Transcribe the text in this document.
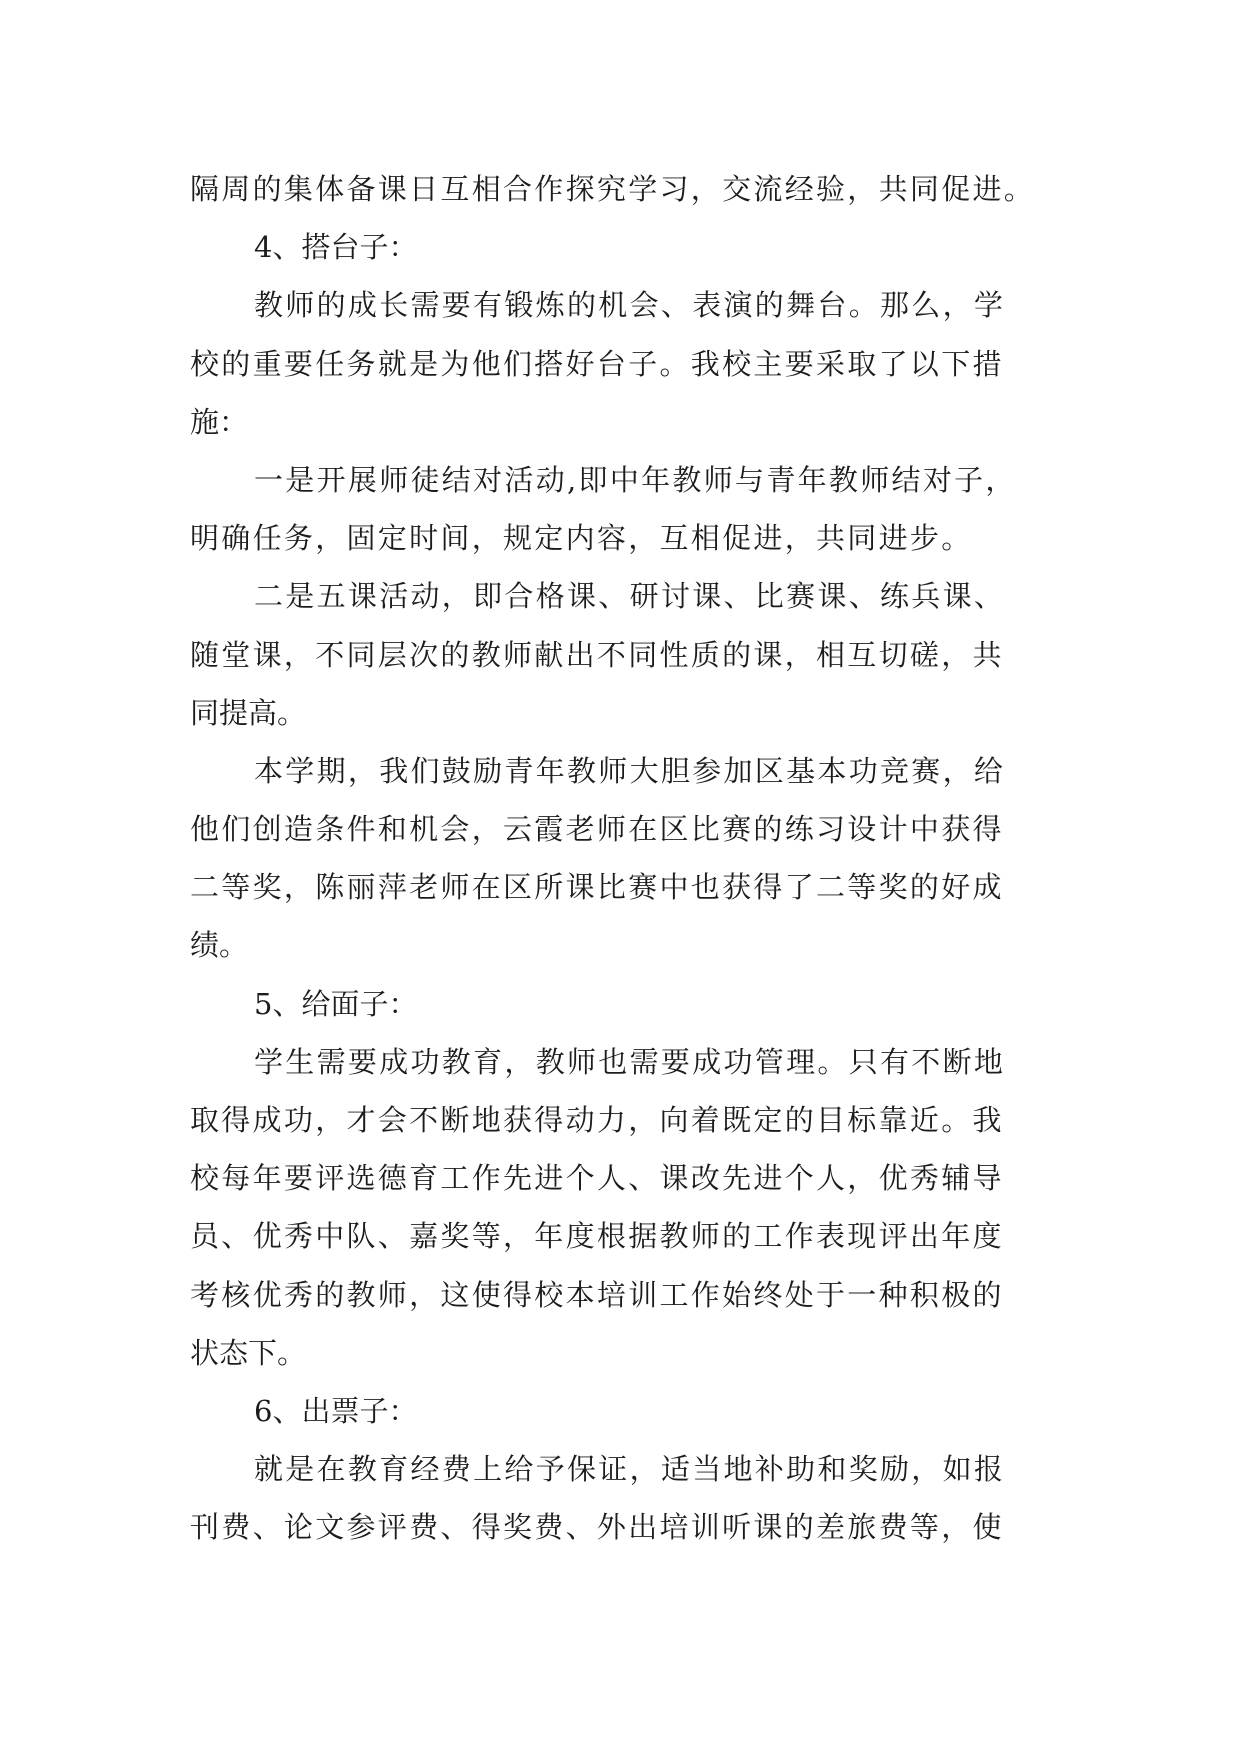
隔周的集体备课日互相合作探究学习，交流经验，共同促进。
4、搭台子：
教师的成长需要有锻炼的机会、表演的舞台。那么，学
校的重要任务就是为他们搭好台子。我校主要采取了以下措
施：
一是开展师徒结对活动,即中年教师与青年教师结对子，
明确任务，固定时间，规定内容，互相促进，共同进步。
二是五课活动，即合格课、研讨课、比赛课、练兵课、
随堂课，不同层次的教师献出不同性质的课，相互切磋，共
同提高。
本学期，我们鼓励青年教师大胆参加区基本功竞赛，给
他们创造条件和机会，云霞老师在区比赛的练习设计中获得
二等奖，陈丽萍老师在区所课比赛中也获得了二等奖的好成
绩。
5、给面子：
学生需要成功教育，教师也需要成功管理。只有不断地
取得成功，才会不断地获得动力，向着既定的目标靠近。我
校每年要评选德育工作先进个人、课改先进个人，优秀辅导
员、优秀中队、嘉奖等，年度根据教师的工作表现评出年度
考核优秀的教师，这使得校本培训工作始终处于一种积极的
状态下。
6、出票子：
就是在教育经费上给予保证，适当地补助和奖励，如报
刊费、论文参评费、得奖费、外出培训听课的差旅费等，使
